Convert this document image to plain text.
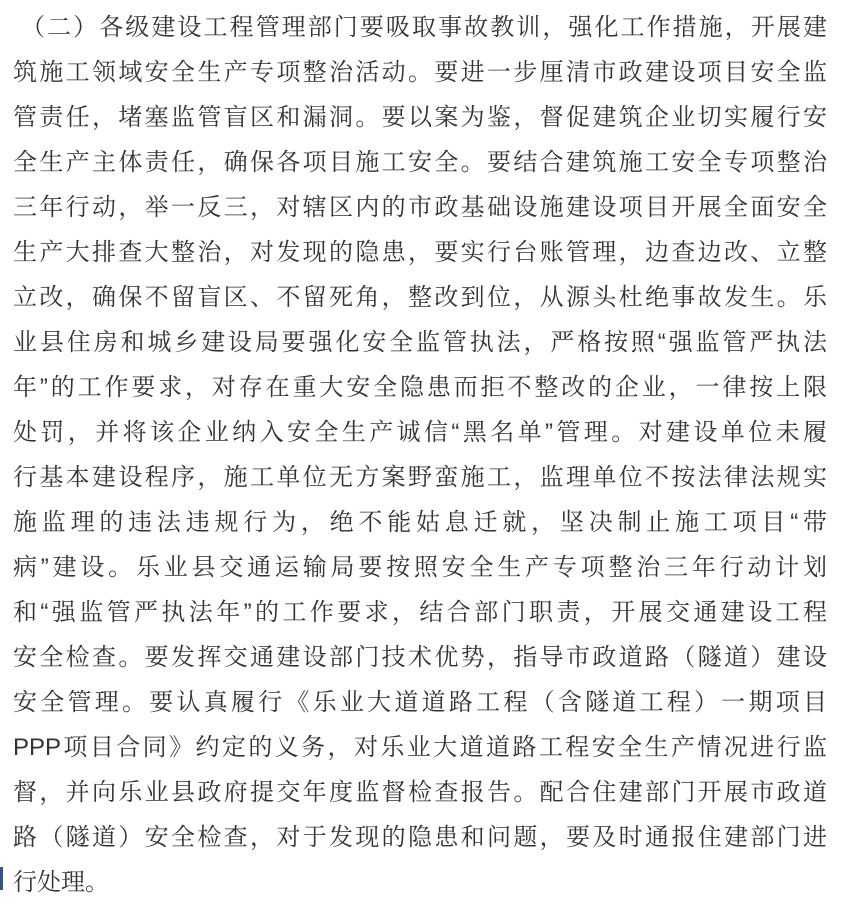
（二）各级建设工程管理部门要吸取事故教训，强化工作措施，开展建
筑施工领域安全生产专项整治活动。要进一步厘清市政建设项目安全监
管责任，堵塞监管盲区和漏洞。要以案为鉴，督促建筑企业切实履行安
全生产主体责任，确保各项目施工安全。要结合建筑施工安全专项整治
三年行动，举一反三，对辖区内的市政基础设施建设项目开展全面安全
生产大排查大整治，对发现的隐患，要实行台账管理，边查边改、立整
立改，确保不留盲区、不留死角，整改到位，从源头杜绝事故发生。乐
业县住房和城乡建设局要强化安全监管执法，严格按照“强监管严执法
年”的工作要求，对存在重大安全隐患而拒不整改的企业，一律按上限
处罚，并将该企业纳入安全生产诚信“黑名单”管理。对建设单位未履
行基本建设程序，施工单位无方案野蛮施工，监理单位不按法律法规实
施监理的违法违规行为，绝不能姑息迁就，坚决制止施工项目“带
病”建设。乐业县交通运输局要按照安全生产专项整治三年行动计划
和“强监管严执法年”的工作要求，结合部门职责，开展交通建设工程
安全检查。要发挥交通建设部门技术优势，指导市政道路（隧道）建设
安全管理。要认真履行《乐业大道道路工程（含隧道工程）一期项目
PPP项目合同》约定的义务，对乐业大道道路工程安全生产情况进行监
督，并向乐业县政府提交年度监督检查报告。配合住建部门开展市政道
路（隧道）安全检查，对于发现的隐患和问题，要及时通报住建部门进
行处理。
